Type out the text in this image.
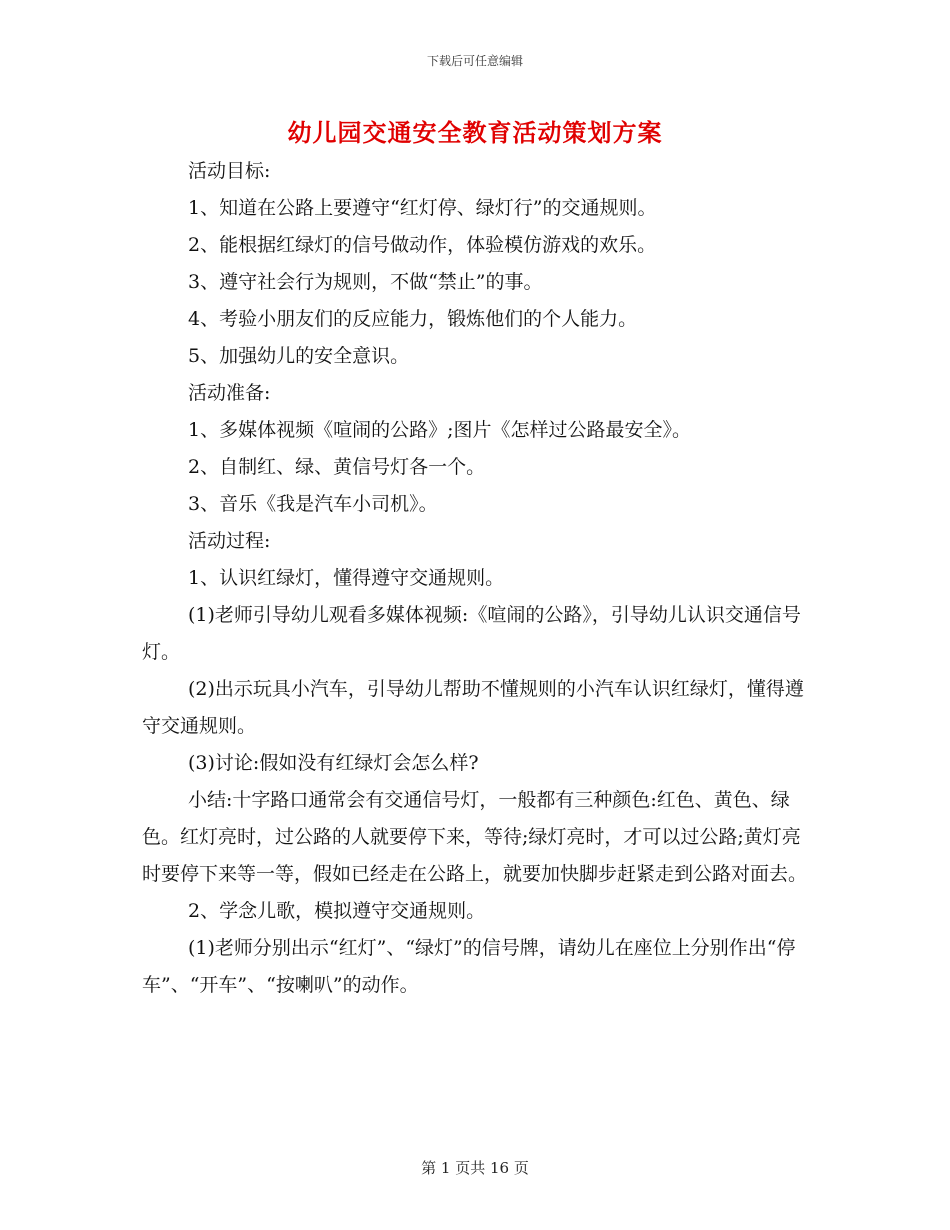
下载后可任意编辑
幼儿园交通安全教育活动策划方案

活动目标:

1、知道在公路上要遵守“红灯停、绿灯行”的交通规则。

2、能根据红绿灯的信号做动作，体验模仿游戏的欢乐。

3、遵守社会行为规则，不做“禁止”的事。

4、考验小朋友们的反应能力，锻炼他们的个人能力。

5、加强幼儿的安全意识。

活动准备:

1、多媒体视频《喧闹的公路》;图片《怎样过公路最安全》。

2、自制红、绿、黄信号灯各一个。

3、音乐《我是汽车小司机》。

活动过程:

1、认识红绿灯，懂得遵守交通规则。

(1)老师引导幼儿观看多媒体视频:《喧闹的公路》，引导幼儿认识交通信号灯。

(2)出示玩具小汽车，引导幼儿帮助不懂规则的小汽车认识红绿灯，懂得遵守交通规则。

(3)讨论:假如没有红绿灯会怎么样?

小结:十字路口通常会有交通信号灯，一般都有三种颜色:红色、黄色、绿色。红灯亮时，过公路的人就要停下来，等待;绿灯亮时，才可以过公路;黄灯亮时要停下来等一等，假如已经走在公路上，就要加快脚步赶紧走到公路对面去。

2、学念儿歌，模拟遵守交通规则。

(1)老师分别出示“红灯”、“绿灯”的信号牌，请幼儿在座位上分别作出“停车”、“开车”、“按喇叭”的动作。

第 1 页共 16 页
